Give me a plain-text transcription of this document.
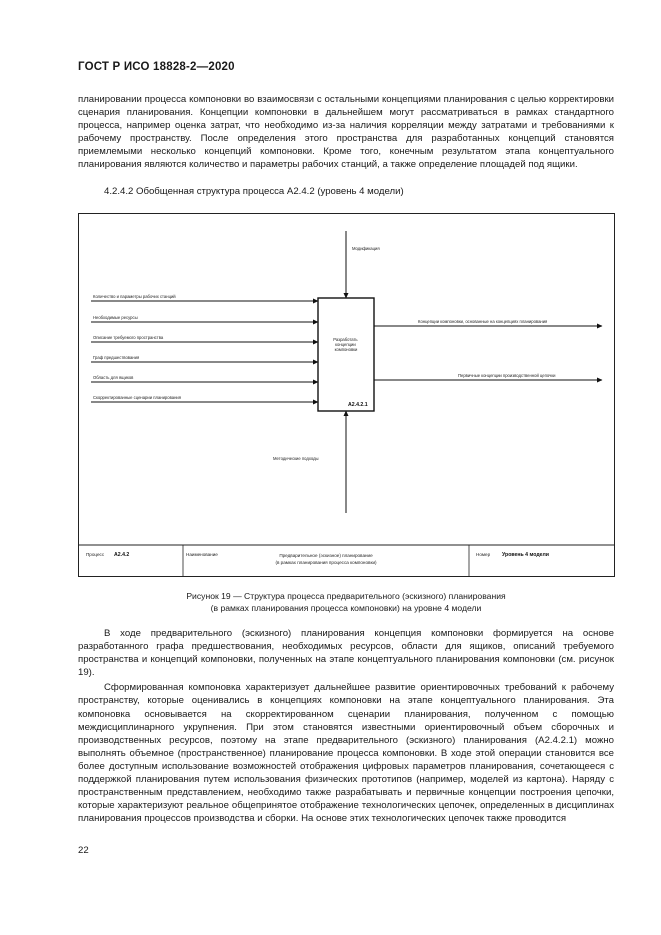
ГОСТ Р ИСО 18828-2—2020

планировании процесса компоновки во взаимосвязи с остальными концепциями планирования с целью корректировки сценария планирования. Концепции компоновки в дальнейшем могут рассматриваться в рамках стандартного процесса, например оценка затрат, что необходимо из-за наличия корреляции между затратами и требованиями к рабочему пространству. После определения этого пространства для разработанных концепций становятся приемлемыми несколько концепций компоновки. Кроме того, конечным результатом этапа концептуального планирования являются количество и параметры рабочих станций, а также определение площадей под ящики.

4.2.4.2 Обобщенная структура процесса A2.4.2 (уровень 4 модели)
Разработать концепции компоновки
A2.4.2.1
Модификация
Методические подходы
Количество и параметры рабочих станций
Необходимые ресурсы
Описание требуемого пространства
Граф предшествования
Область для ящиков
Скорректированные сценарии планирования
Концепции компоновки, основанные на концепциях планирования
Первичные концепции производственной цепочки
Процесс A2.4.2	Наименование	Предварительное (эскизное) планирование
(в рамках планирования процесса компоновки)
Номер Уровень 4 модели
Рисунок 19 — Структура процесса предварительного (эскизного) планирования
(в рамках планирования процесса компоновки) на уровне 4 модели

В ходе предварительного (эскизного) планирования концепция компоновки формируется на основе разработанного графа предшествования, необходимых ресурсов, области для ящиков, описаний требуемого пространства и концепций компоновки, полученных на этапе концептуального планирования компоновки (см. рисунок 19).

Сформированная компоновка характеризует дальнейшее развитие ориентировочных требований к рабочему пространству, которые оценивались в концепциях компоновки на этапе концептуального планирования. Эта компоновка основывается на скорректированном сценарии планирования, полученном с помощью междисциплинарного укрупнения. При этом становятся известными ориентировочный объем сборочных и производственных ресурсов, поэтому на этапе предварительного (эскизного) планирования (A2.4.2.1) можно выполнять объемное (пространственное) планирование процесса компоновки. В ходе этой операции становится все более доступным использование возможностей отображения цифровых параметров планирования, сочетающееся с поддержкой планирования путем использования физических прототипов (например, моделей из картона). Наряду с пространственным представлением, необходимо также разрабатывать и первичные концепции построения цепочки, которые характеризуют реальное общепринятое отображение технологических цепочек, определенных в дисциплинах планирования процессов производства и сборки. На основе этих технологических цепочек также проводится

22
